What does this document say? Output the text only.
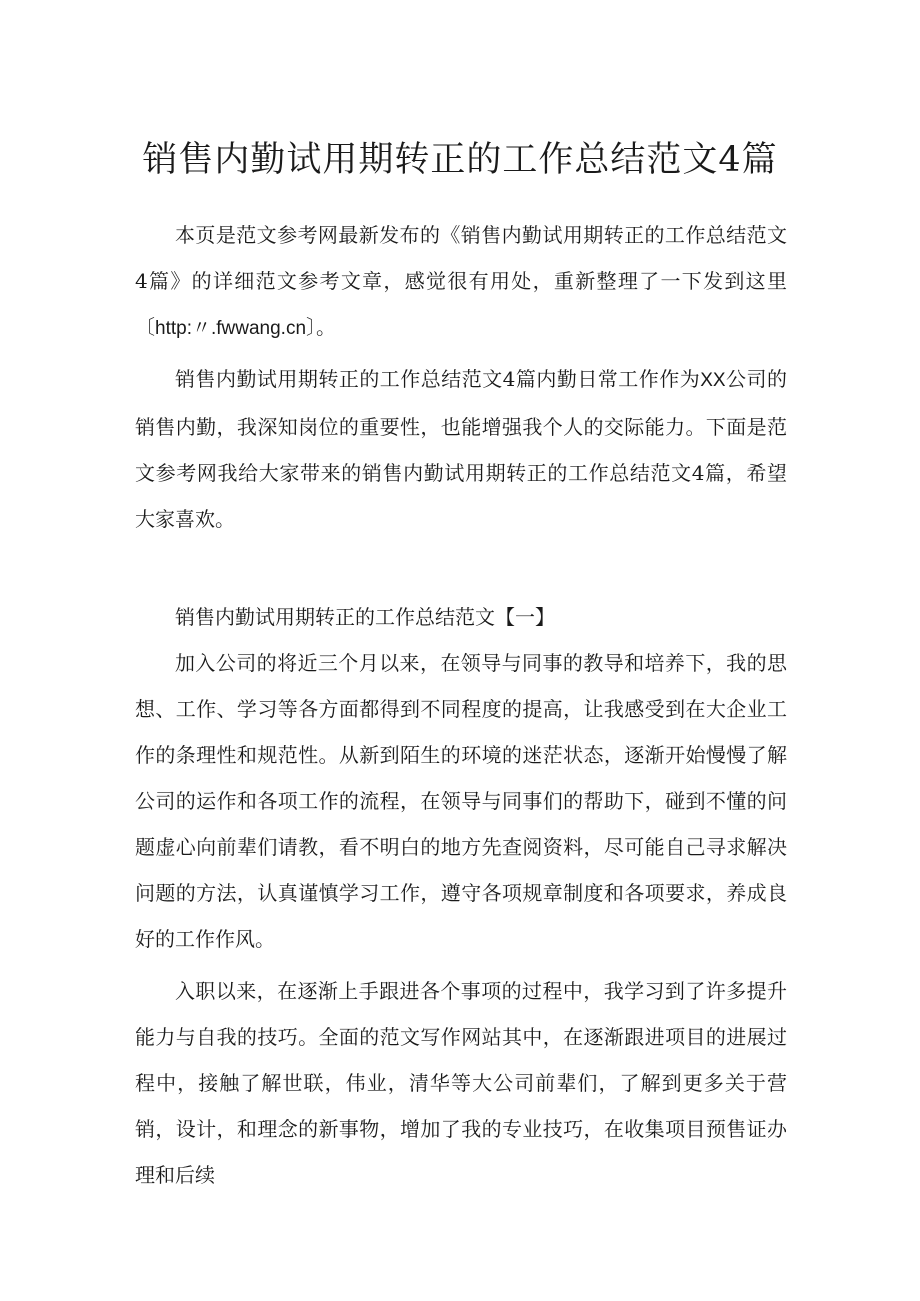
销售内勤试用期转正的工作总结范文4篇

本页是范文参考网最新发布的《销售内勤试用期转正的工作总结范文4篇》的详细范文参考文章，感觉很有用处，重新整理了一下发到这里〔http:〃.fwwang.cn〕。

销售内勤试用期转正的工作总结范文4篇内勤日常工作作为XX公司的销售内勤，我深知岗位的重要性，也能增强我个人的交际能力。下面是范文参考网我给大家带来的销售内勤试用期转正的工作总结范文4篇，希望大家喜欢。

销售内勤试用期转正的工作总结范文【一】

加入公司的将近三个月以来，在领导与同事的教导和培养下，我的思想、工作、学习等各方面都得到不同程度的提高，让我感受到在大企业工作的条理性和规范性。从新到陌生的环境的迷茫状态，逐渐开始慢慢了解公司的运作和各项工作的流程，在领导与同事们的帮助下，碰到不懂的问题虚心向前辈们请教，看不明白的地方先查阅资料，尽可能自己寻求解决问题的方法，认真谨慎学习工作，遵守各项规章制度和各项要求，养成良好的工作作风。

入职以来，在逐渐上手跟进各个事项的过程中，我学习到了许多提升能力与自我的技巧。全面的范文写作网站其中，在逐渐跟进项目的进展过程中，接触了解世联，伟业，清华等大公司前辈们，了解到更多关于营销，设计，和理念的新事物，增加了我的专业技巧，在收集项目预售证办理和后续
